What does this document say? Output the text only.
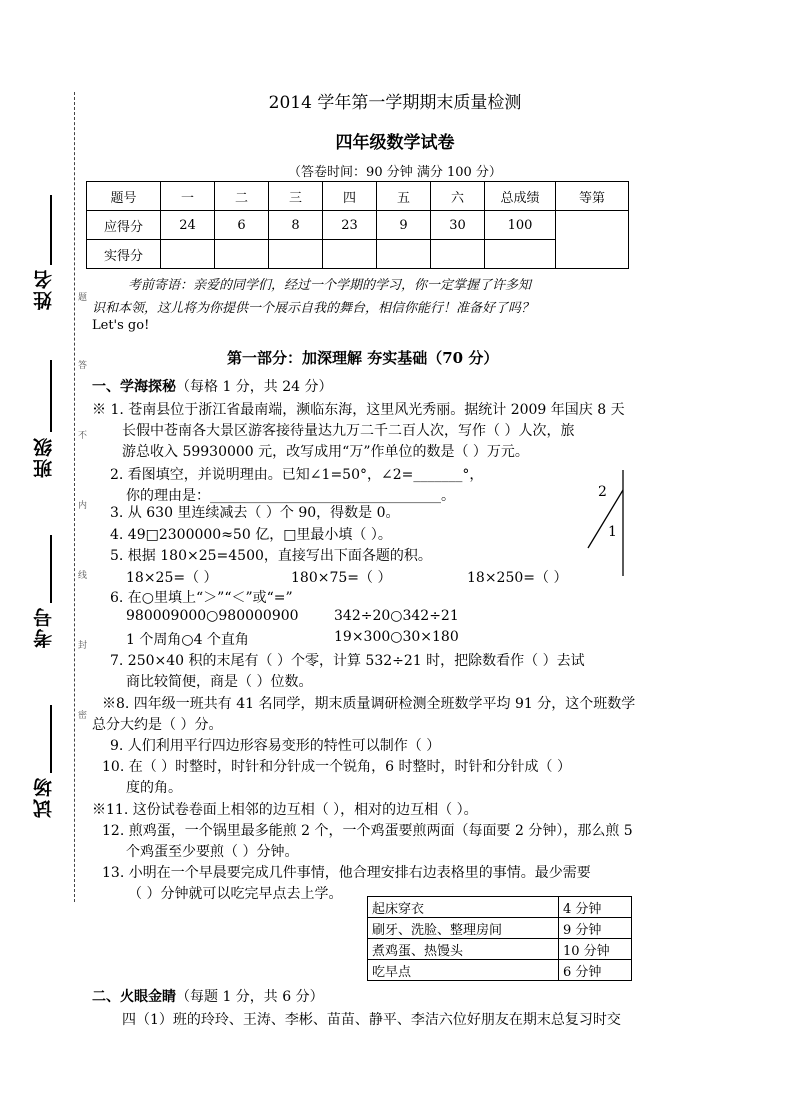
姓名
班级
考号
试场
题
答
不
内
线
封
密
2014 学年第一学期期末质量检测
四年级数学试卷
（答卷时间：90 分钟 满分 100 分）
题号	一	二	三	四	五	六	总成绩	等第
应得分	24	6	8	23	9	30	100	
实得分								
考前寄语：亲爱的同学们，经过一个学期的学习，你一定掌握了许多知
识和本领，这儿将为你提供一个展示自我的舞台，相信你能行！准备好了吗？
Let's go!
第一部分：加深理解 夯实基础（70 分）
一、学海探秘（每格 1 分，共 24 分）
※ 1. 苍南县位于浙江省最南端，濒临东海，这里风光秀丽。据统计 2009 年国庆 8 天
长假中苍南各大景区游客接待量达九万二千二百人次，写作（ ）人次，旅
游总收入 59930000 元，改写成用“万”作单位的数是（ ）万元。
2. 看图填空，并说明理由。已知∠1=50°，∠2=_______°，
你的理由是：_________________________________。	2
1
3. 从 630 里连续减去（ ）个 90，得数是 0。
4. 49□2300000≈50 亿，□里最小填（ ）。
5. 根据 180×25=4500，直接写出下面各题的积。
18×25=（ ）	180×75=（ ）	18×250=（ ）
6. 在○里填上“＞”“＜”或“=”
980009000○980000900	342÷20○342÷21
1 个周角○4 个直角	19×300○30×180
7. 250×40 积的末尾有（ ）个零，计算 532÷21 时，把除数看作（ ）去试
商比较简便，商是（ ）位数。
※8. 四年级一班共有 41 名同学，期末质量调研检测全班数学平均 91 分，这个班数学
总分大约是（ ）分。
9. 人们利用平行四边形容易变形的特性可以制作（ ）
10. 在（ ）时整时，时针和分针成一个锐角，6 时整时，时针和分针成（ ）
度的角。
※11. 这份试卷卷面上相邻的边互相（ ），相对的边互相（ ）。
12. 煎鸡蛋，一个锅里最多能煎 2 个，一个鸡蛋要煎两面（每面要 2 分钟），那么煎 5
个鸡蛋至少要煎（ ）分钟。
13. 小明在一个早晨要完成几件事情，他合理安排右边表格里的事情。最少需要
（ ）分钟就可以吃完早点去上学。
起床穿衣	4 分钟
刷牙、洗脸、整理房间	9 分钟
煮鸡蛋、热馒头	10 分钟
吃早点	6 分钟
二、火眼金睛（每题 1 分，共 6 分）
四（1）班的玲玲、王涛、李彬、苗苗、静平、李洁六位好朋友在期末总复习时交
